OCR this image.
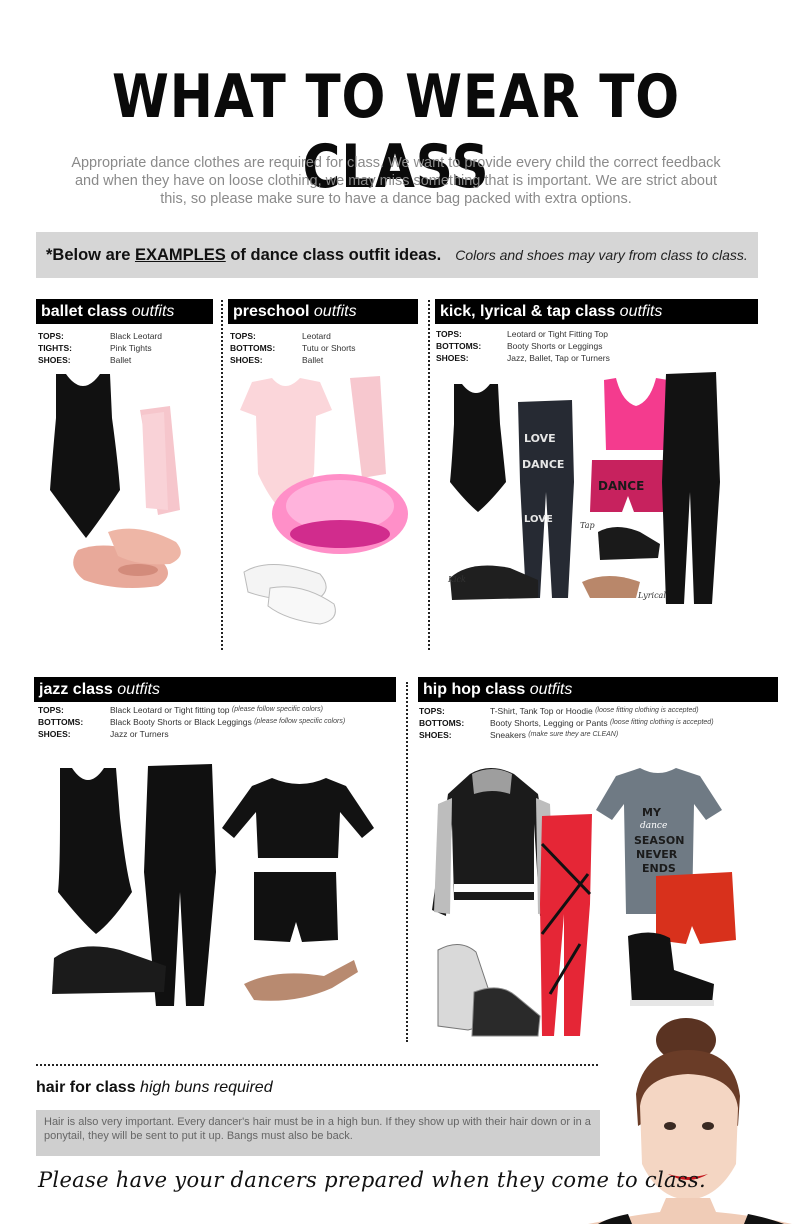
WHAT TO WEAR TO CLASS
Appropriate dance clothes are required for class. We want to provide every child the correct feedback and when they have on loose clothing, we may miss something that is important. We are strict about this, so please make sure to have a dance bag packed with extra options.
*Below are EXAMPLES of dance class outfit ideas. Colors and shoes may vary from class to class.
ballet class outfits
TOPS:	Black Leotard
TIGHTS:	Pink Tights
SHOES:	Ballet
preschool outfits
TOPS:	Leotard
BOTTOMS:	Tutu or Shorts
SHOES:	Ballet
kick, lyrical & tap class outfits
TOPS:	Leotard or Tight Fitting Top
BOTTOMS:	Booty Shorts or Leggings
SHOES:	Jazz, Ballet, Tap or Turners
LOVE
DANCE
LOVE
DANCE
Tap
Kick
Lyrical
jazz class outfits
TOPS:	Black Leotard or Tight fitting top
(please follow specific colors)
BOTTOMS:	Black Booty Shorts or Black Leggings
(please follow specific colors)
SHOES:	Jazz or Turners
hip hop class outfits
TOPS:	T-Shirt, Tank Top or Hoodie
(loose fitting clothing is accepted)
BOTTOMS:	Booty Shorts, Legging or Pants
(loose fitting clothing is accepted)
SHOES:	Sneakers
(make sure they are CLEAN)
MY
dance
SEASON
NEVER
ENDS
hair for class high buns required
Hair is also very important. Every dancer's hair must be in a high bun. If they show up with their hair down or in a ponytail, they will be sent to put it up. Bangs must also be back.
Please have your dancers prepared when they come to class.
